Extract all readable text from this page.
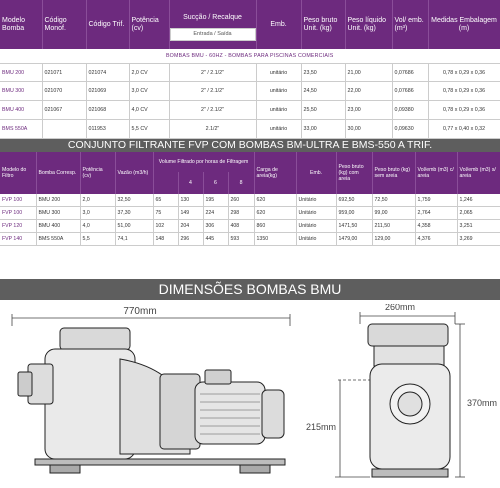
Modelo Bomba	Código Monof.	Código Trif.	Potência (cv)	Sucção / Recalque
Entrada / Saída	Emb.	Peso bruto Unit. (kg)	Peso líquido Unit. (kg)	Vol/ emb. (m³)	Medidas Embalagem (m)
BOMBAS BMU - 60HZ - BOMBAS PARA PISCINAS COMERCIAIS									
BMU 200	021071	021074	2,0 CV	2" / 2.1/2"	unitário	23,50	21,00	0,07686	0,78 x 0,29 x 0,36
BMU 300	021070	021069	3,0 CV	2" / 2.1/2"	unitário	24,50	22,00	0,07686	0,78 x 0,29 x 0,36
BMU 400	021067	021068	4,0 CV	2" / 2.1/2"	unitário	25,50	23,00	0,09380	0,78 x 0,29 x 0,36
BMS 550A		011953	5,5 CV	2.1/2"	unitário	33,00	30,00	0,09630	0,77 x 0,40 x 0,32
CONJUNTO FILTRANTE FVP COM BOMBAS BM-ULTRA E BMS-550 A TRIF.
Modelo do Filtro	Bomba Corresp.	Potência (cv)	Vazão (m3/h)	Volume Filtrado por horas de Filtragem				Carga de areia(kg)	Emb.	Peso bruto (kg) com areia	Peso bruto (kg) sem areia	Vol/emb (m3) c/ areia	Vol/emb (m3) s/ areia
					4	6	8						
FVP 100	BMU 200	2,0	32,50	65	130	195	260	620	Unitário	692,50	72,50	1,759	1,246
FVP 100	BMU 300	3,0	37,30	75	149	224	298	620	Unitário	959,00	99,00	2,764	2,065
FVP 120	BMU 400	4,0	51,00	102	204	306	408	860	Unitário	1471,50	211,50	4,358	3,251
FVP 140	BMS 550A	5,5	74,1	148	296	445	593	1350	Unitário	1479,00	129,00	4,376	3,269
DIMENSÕES BOMBAS BMU
770mm	260mm
370mm
215mm
